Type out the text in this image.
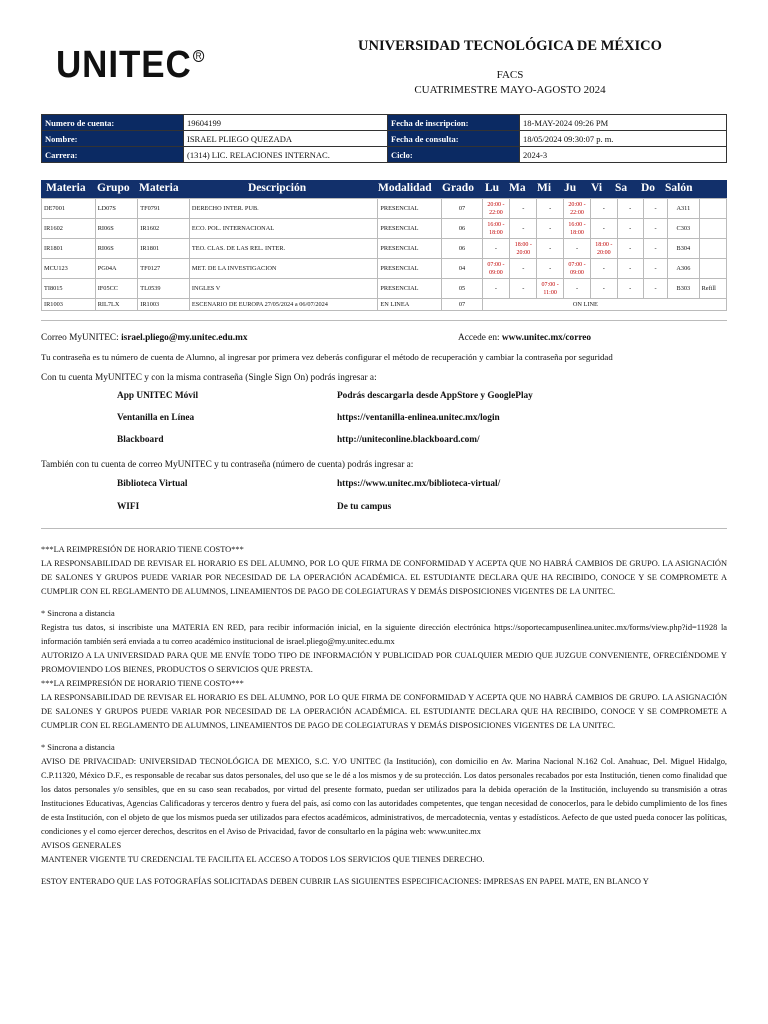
UNITEC R
UNIVERSIDAD TECNOLÓGICA DE MÉXICO
FACS
CUATRIMESTRE MAYO-AGOSTO 2024
Numero de cuenta:	19604199	Fecha de inscripcion:	18-MAY-2024 09:26 PM
Nombre:	ISRAEL PLIEGO QUEZADA	Fecha de consulta:	18/05/2024 09:30:07 p. m.
Carrera:	(1314) LIC. RELACIONES INTERNAC.	Ciclo:	2024-3
Materia Grupo Materia	Descripción	Modalidad Grado Lu Ma Mi Ju Vi Sa Do Salón
DE7001	LD07S	TF0791	DERECHO INTER. PUB.	PRESENCIAL	07	20:00 - 22:00	-	-	20:00 - 22:00	-	-	-	A311	
IR1602	RI06S	IR1602	ECO. POL. INTERNACIONAL	PRESENCIAL	06	16:00 - 18:00	-	-	16:00 - 18:00	-	-	-	C303	
IR1801	RI06S	IR1801	TEO. CLAS. DE LAS REL. INTER.	PRESENCIAL	06	-	18:00 - 20:00	-	-	18:00 - 20:00	-	-	B304	
MCU123	PG04A	TF0127	MET. DE LA INVESTIGACION	PRESENCIAL	04	07:00 - 09:00	-	-	07:00 - 09:00	-	-	-	A306	
TI8015	IF05CC	TL0539	INGLES V	PRESENCIAL	05	-	-	07:00 - 11:00	-	-	-	-	B303	Refill
IR1003	RIL7LX	IR1003	ESCENARIO DE EUROPA 27/05/2024 a 06/07/2024	EN LINEA	07	ON LINE								
Correo MyUNITEC: israel.pliego@my.unitec.edu.mx	Accede en: www.unitec.mx/correo
Tu contraseña es tu número de cuenta de Alumno, al ingresar por primera vez deberás configurar el método de recuperación y cambiar la contraseña por seguridad
Con tu cuenta MyUNITEC y con la misma contraseña (Single Sign On) podrás ingresar a:
App UNITEC Móvil	Podrás descargarla desde AppStore y GooglePlay
Ventanilla en Línea	https://ventanilla-enlinea.unitec.mx/login
Blackboard	http://uniteconline.blackboard.com/
También con tu cuenta de correo MyUNITEC y tu contraseña (número de cuenta) podrás ingresar a:
Biblioteca Virtual	https://www.unitec.mx/biblioteca-virtual/
WIFI	De tu campus
***LA REIMPRESIÓN DE HORARIO TIENE COSTO***
LA RESPONSABILIDAD DE REVISAR EL HORARIO ES DEL ALUMNO, POR LO QUE FIRMA DE CONFORMIDAD Y ACEPTA QUE NO HABRÁ CAMBIOS DE GRUPO. LA ASIGNACIÓN DE SALONES Y GRUPOS PUEDE VARIAR POR NECESIDAD DE LA OPERACIÓN ACADÉMICA. EL ESTUDIANTE DECLARA QUE HA RECIBIDO, CONOCE Y SE COMPROMETE A CUMPLIR CON EL REGLAMENTO DE ALUMNOS, LINEAMIENTOS DE PAGO DE COLEGIATURAS Y DEMÁS DISPOSICIONES VIGENTES DE LA UNITEC.
* Sincrona a distancia
Registra tus datos, si inscribiste una MATERIA EN RED, para recibir información inicial, en la siguiente dirección electrónica https://soportecampusenlinea.unitec.mx/forms/view.php?id=11928 la información también será enviada a tu correo académico institucional de israel.pliego@my.unitec.edu.mx
AUTORIZO A LA UNIVERSIDAD PARA QUE ME ENVÍE TODO TIPO DE INFORMACIÓN Y PUBLICIDAD POR CUALQUIER MEDIO QUE JUZGUE CONVENIENTE, OFRECIÉNDOME Y PROMOVIENDO LOS BIENES, PRODUCTOS O SERVICIOS QUE PRESTA.
***LA REIMPRESIÓN DE HORARIO TIENE COSTO***
LA RESPONSABILIDAD DE REVISAR EL HORARIO ES DEL ALUMNO, POR LO QUE FIRMA DE CONFORMIDAD Y ACEPTA QUE NO HABRÁ CAMBIOS DE GRUPO. LA ASIGNACIÓN DE SALONES Y GRUPOS PUEDE VARIAR POR NECESIDAD DE LA OPERACIÓN ACADÉMICA. EL ESTUDIANTE DECLARA QUE HA RECIBIDO, CONOCE Y SE COMPROMETE A CUMPLIR CON EL REGLAMENTO DE ALUMNOS, LINEAMIENTOS DE PAGO DE COLEGIATURAS Y DEMÁS DISPOSICIONES VIGENTES DE LA UNITEC.
* Sincrona a distancia
AVISO DE PRIVACIDAD: UNIVERSIDAD TECNOLÓGICA DE MEXICO, S.C. Y/O UNITEC (la Institución), con domicilio en Av. Marina Nacional N.162 Col. Anahuac, Del. Miguel Hidalgo, C.P.11320, México D.F., es responsable de recabar sus datos personales, del uso que se le dé a los mismos y de su protección. Los datos personales recabados por esta Institución, tienen como finalidad que los datos personales y/o sensibles, que en su caso sean recabados, por virtud del presente formato, puedan ser utilizados para la debida operación de la Institución, incluyendo su transmisión a otras Instituciones Educativas, Agencias Calificadoras y terceros dentro y fuera del país, así como con las autoridades competentes, que tengan necesidad de conocerlos, para le debido cumplimiento de los fines de esta Institución, con el objeto de que los mismos pueda ser utilizados para efectos académicos, administrativos, de mercadotecnia, ventas y estadísticos. Aefecto de que usted pueda conocer las políticas, condiciones y el como ejercer derechos, descritos en el Aviso de Privacidad, favor de consultarlo en la página web: www.unitec.mx
AVISOS GENERALES
MANTENER VIGENTE TU CREDENCIAL TE FACILITA EL ACCESO A TODOS LOS SERVICIOS QUE TIENES DERECHO.
ESTOY ENTERADO QUE LAS FOTOGRAFÍAS SOLICITADAS DEBEN CUBRIR LAS SIGUIENTES ESPECIFICACIONES: IMPRESAS EN PAPEL MATE, EN BLANCO Y
